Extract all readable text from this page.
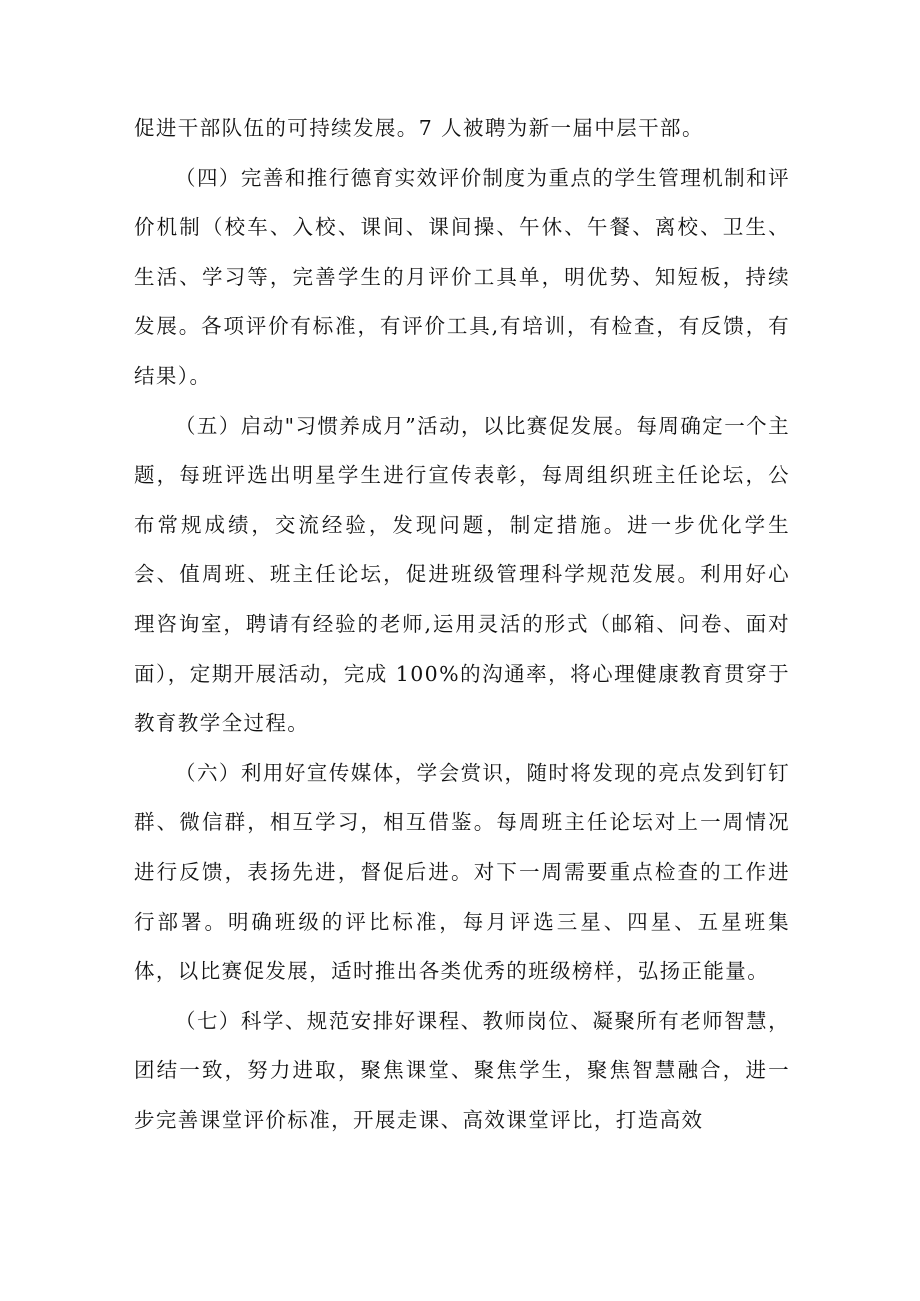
促进干部队伍的可持续发展。7 人被聘为新一届中层干部。

（四）完善和推行德育实效评价制度为重点的学生管理机制和评价机制（校车、入校、课间、课间操、午休、午餐、离校、卫生、生活、学习等，完善学生的月评价工具单，明优势、知短板，持续发展。各项评价有标准，有评价工具,有培训，有检查，有反馈，有结果）。

（五）启动"习惯养成月”活动，以比赛促发展。每周确定一个主题，每班评选出明星学生进行宣传表彰，每周组织班主任论坛，公布常规成绩，交流经验，发现问题，制定措施。进一步优化学生会、值周班、班主任论坛，促进班级管理科学规范发展。利用好心理咨询室，聘请有经验的老师,运用灵活的形式（邮箱、问卷、面对面），定期开展活动，完成 100%的沟通率，将心理健康教育贯穿于教育教学全过程。

（六）利用好宣传媒体，学会赏识，随时将发现的亮点发到钉钉群、微信群，相互学习，相互借鉴。每周班主任论坛对上一周情况进行反馈，表扬先进，督促后进。对下一周需要重点检查的工作进行部署。明确班级的评比标准，每月评选三星、四星、五星班集体，以比赛促发展，适时推出各类优秀的班级榜样，弘扬正能量。

（七）科学、规范安排好课程、教师岗位、凝聚所有老师智慧，团结一致，努力进取，聚焦课堂、聚焦学生，聚焦智慧融合，进一步完善课堂评价标准，开展走课、高效课堂评比，打造高效
